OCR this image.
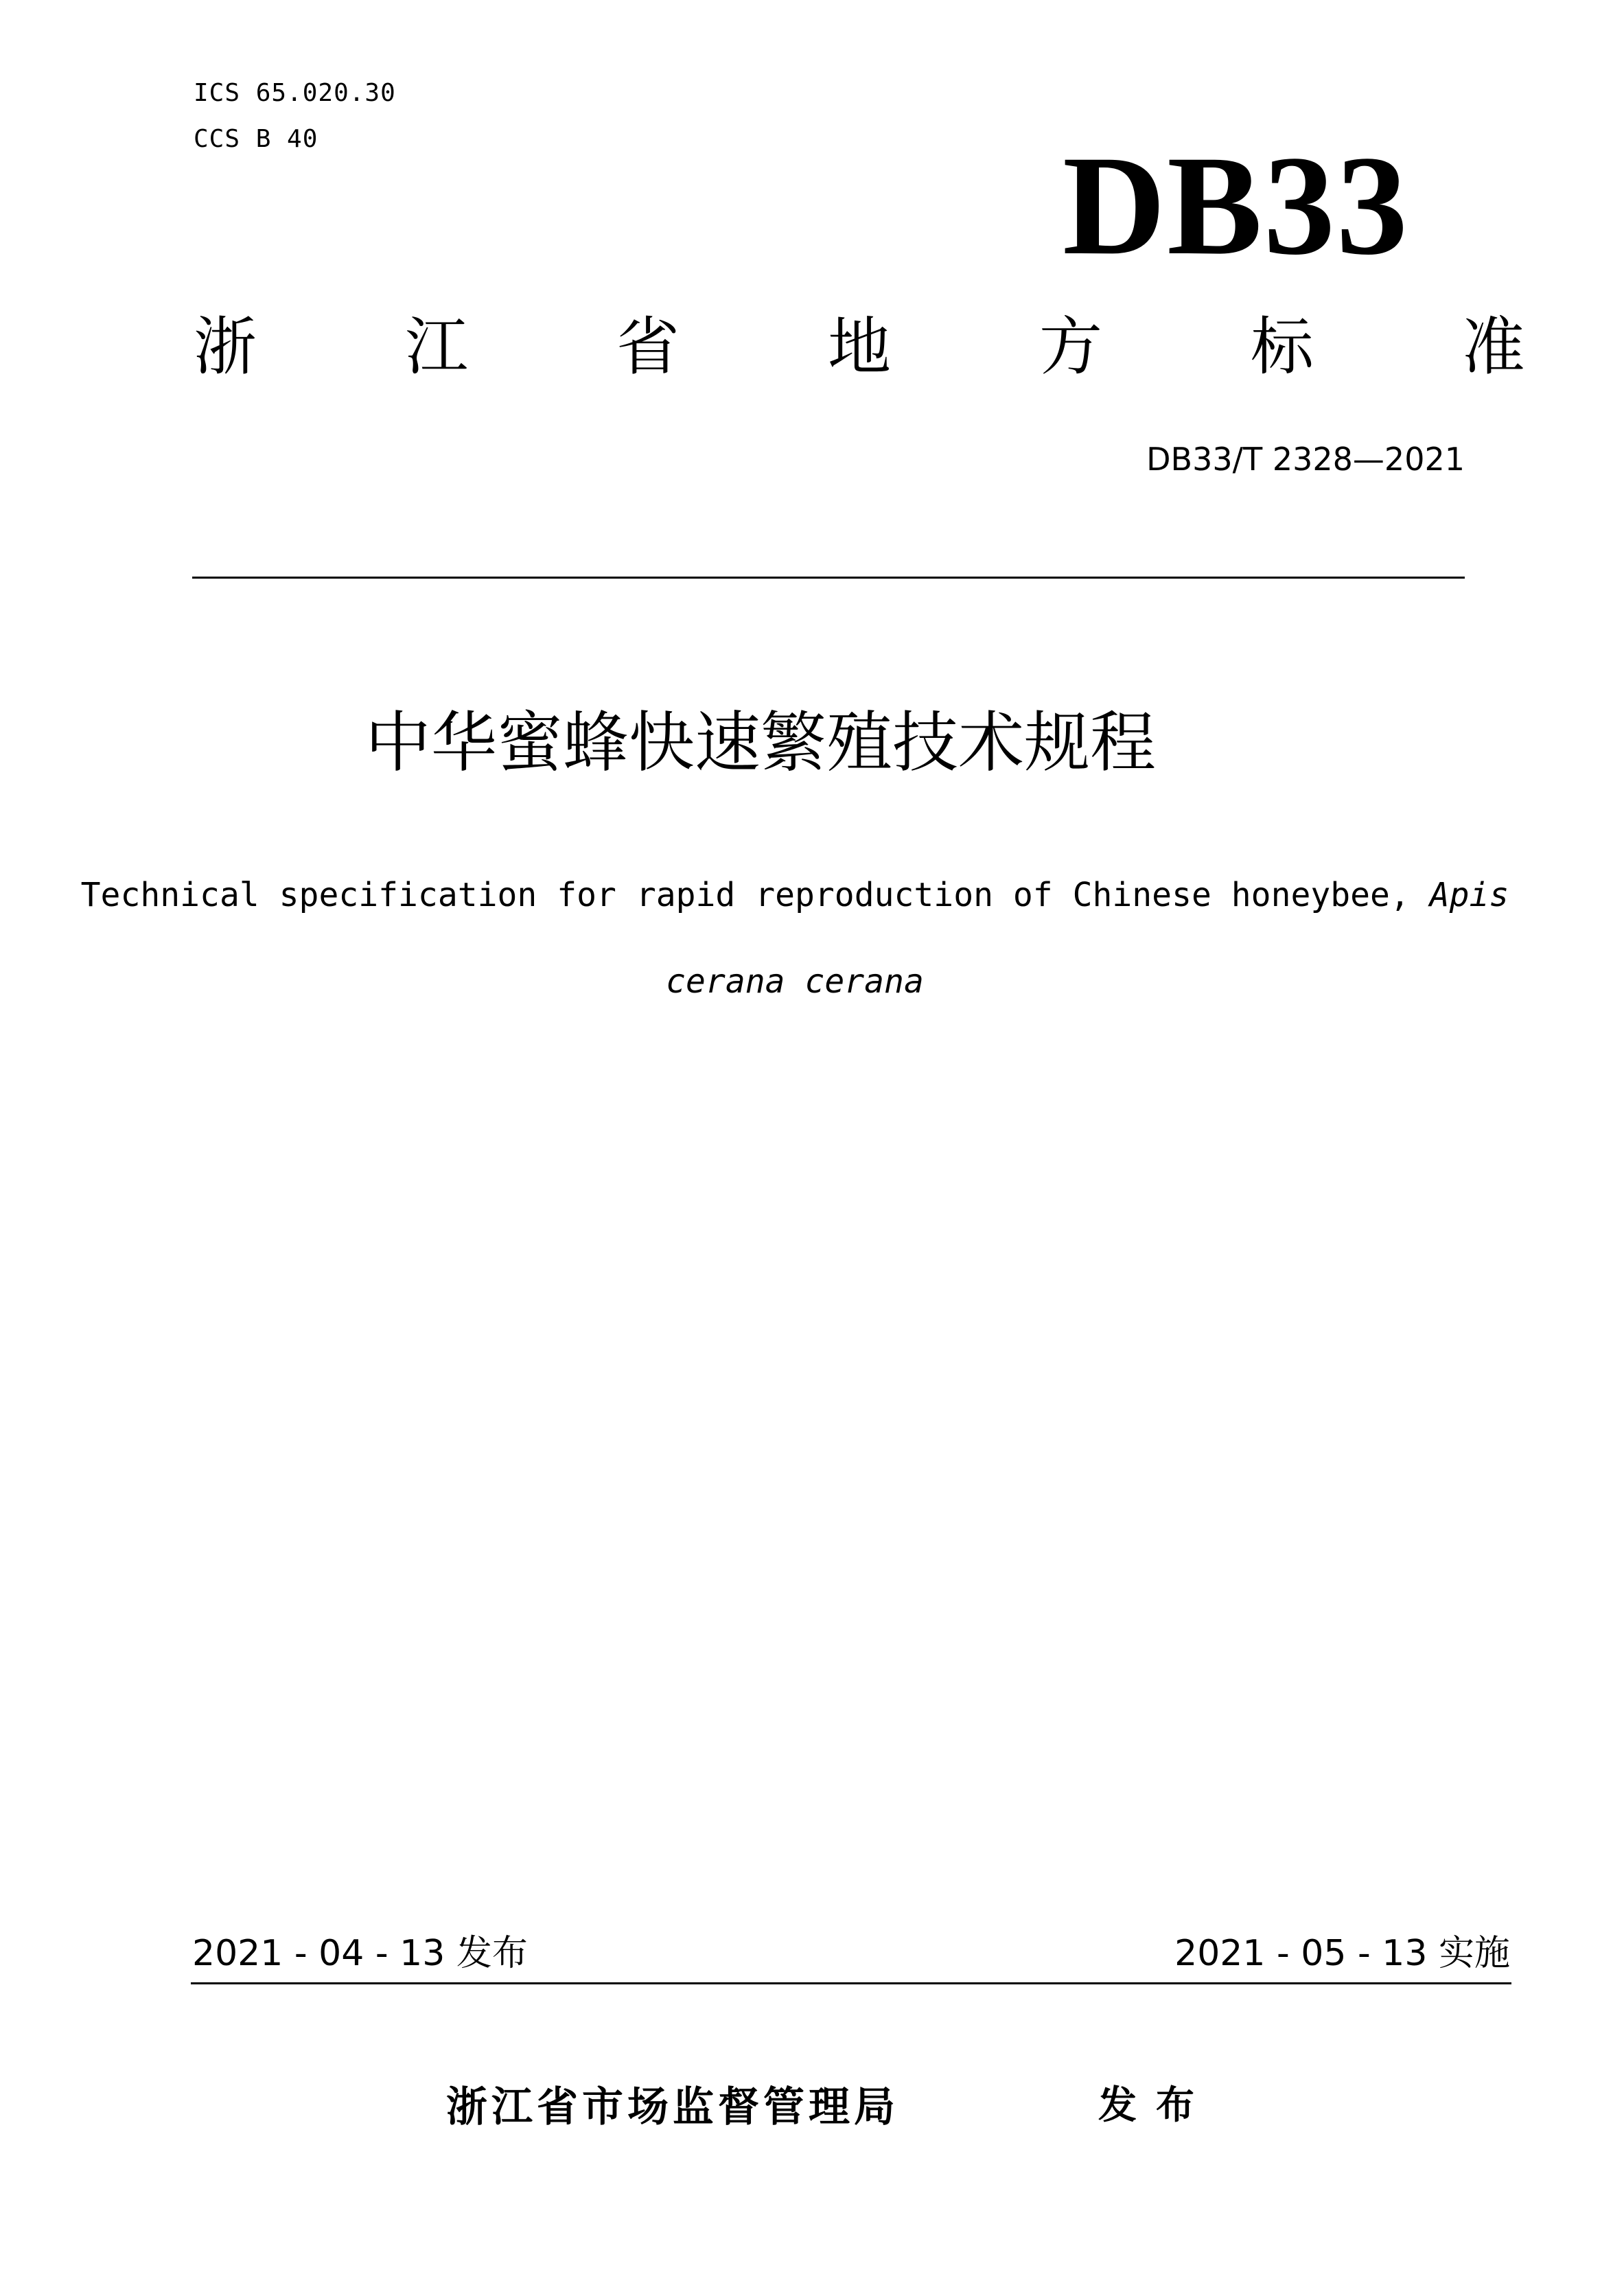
ICS 65.020.30
CCS B 40	DB33
浙 江 省 地 方 标 准
DB33/T 2328—2021
中华蜜蜂快速繁殖技术规程
Technical specification for rapid reproduction of Chinese honeybee, Apis
cerana cerana
2021 - 04 - 13 发布	2021 - 05 - 13 实施
浙江省市场监督管理局	发布
